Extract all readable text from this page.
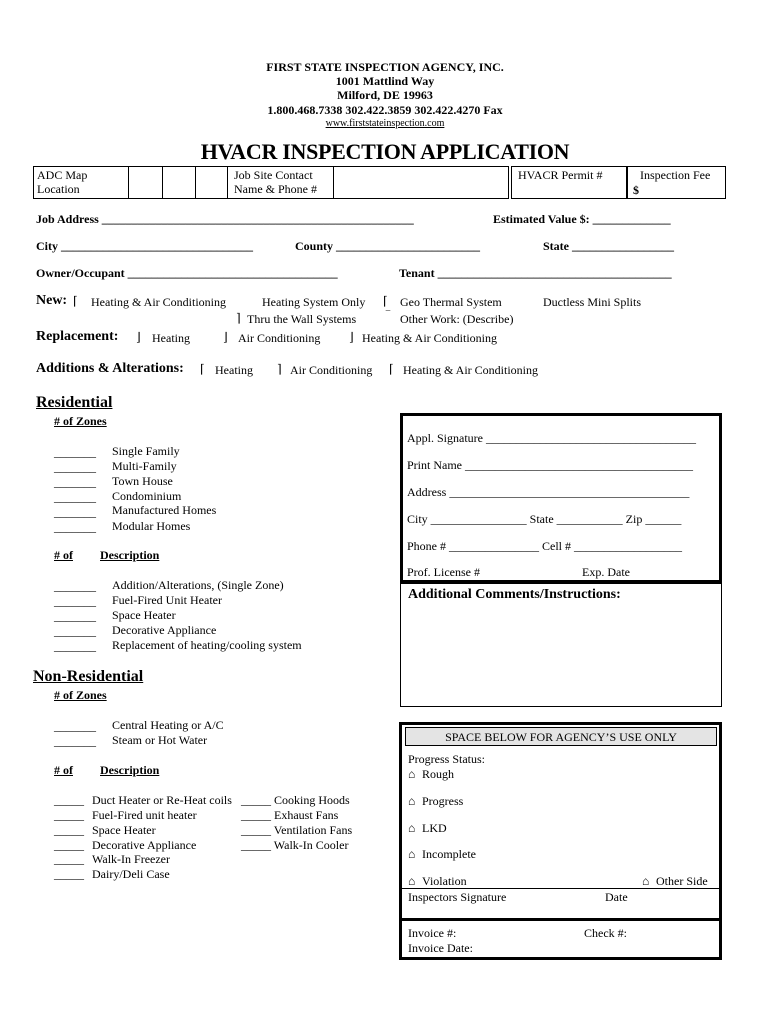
FIRST STATE INSPECTION AGENCY, INC.
1001 Mattlind Way
Milford, DE 19963
1.800.468.7338 302.422.3859 302.422.4270 Fax
www.firststateinspection.com
HVACR INSPECTION APPLICATION
ADC Map
Location
Job Site Contact
Name & Phone #
HVACR Permit #	Inspection Fee
$
Job Address ____________________________________________________	Estimated Value $: _____________
City ________________________________	County ________________________	State _________________
Owner/Occupant ___________________________________	Tenant _______________________________________
New: ⌈ Heating & Air Conditioning	Heating System Only ⌈ Geo Thermal System	Ductless Mini Splits
⌉ Thru the Wall Systems ‾ Other Work: (Describe)
Replacement: ⌋ Heating	⌋ Air Conditioning ⌋ Heating & Air Conditioning
Additions & Alterations: ⌈ Heating ⌉ Air Conditioning ⌈ Heating & Air Conditioning
Residential
# of Zones
_______ Single Family
_______ Multi-Family
_______ Town House
_______ Condominium
_______ Manufactured Homes
_______ Modular Homes
# of Description
_______ Addition/Alterations, (Single Zone)
_______ Fuel-Fired Unit Heater
_______ Space Heater
_______ Decorative Appliance
_______ Replacement of heating/cooling system
Non-Residential
# of Zones
_______ Central Heating or A/C
_______ Steam or Hot Water
# of Description
_____ Duct Heater or Re-Heat coils
_____ Fuel-Fired unit heater
_____ Space Heater
_____ Decorative Appliance
_____ Walk-In Freezer
_____ Dairy/Deli Case
_____ Cooking Hoods
_____ Exhaust Fans
_____ Ventilation Fans
_____ Walk-In Cooler
Appl. Signature ___________________________________
Print Name ______________________________________
Address ________________________________________
City ________________ State ___________ Zip ______
Phone # _______________ Cell # __________________
Prof. License #	Exp. Date
Additional Comments/Instructions:
SPACE BELOW FOR AGENCY’S USE ONLY
Progress Status:
⌂ Rough
⌂ Progress
⌂ LKD
⌂ Incomplete
⌂ Violation	⌂ Other Side
Inspectors Signature	Date
Invoice #:	Check #:
Invoice Date:
